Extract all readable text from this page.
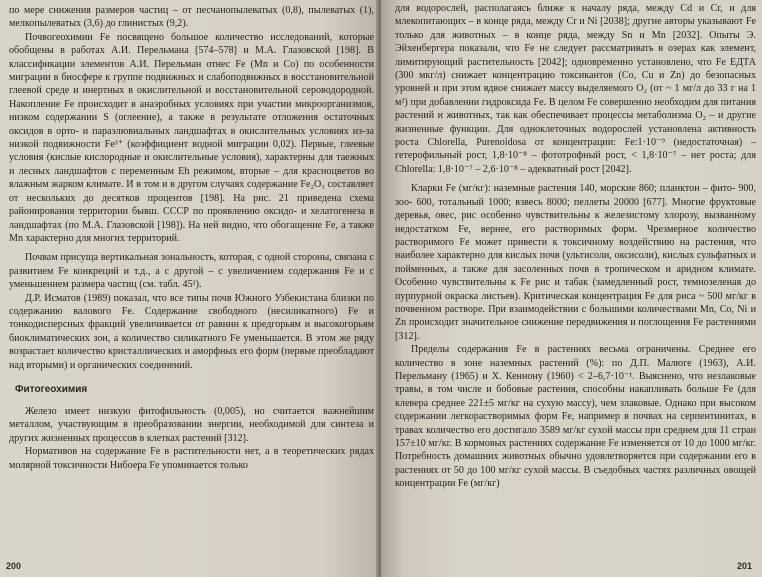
по мере снижения размеров частиц – от песчанопылеватых (0,8), пылеватых (1), мелкопылеватых (3,6) до глинистых (9,2).

Почвогеохимии Fe посвящено большое количество исследований, которые обобщены в работах А.И. Перельмана [574–578] и М.А. Глазовской [198]. В классификации элементов А.И. Перельман отнес Fe (Mn и Co) по особенности миграции в биосфере к группе подвижных и слабоподвижных в восстановительной глеевой среде и инертных в окислительной и восстановительной сероводородной. Накопление Fe происходит в анаэробных условиях при участии микроорганизмов, низком содержании S (оглеение), а также в результате отложения остаточных оксидов в орто- и параэлювиальных ландшафтах в окислительных условиях из-за низкой подвижности Fe³⁺ (коэффициент водной миграции 0,02). Первые, глеевые условия (кислые кислородные и окислительные условия), характерны для таежных и лесных ландшафтов с переменным Eh режимом, вторые – для красноцветов во влажным жарком климате. И в том и в другом случаях содержание Fe₂O₃ составляет от нескольких до десятков процентов [198]. На рис. 21 приведена схема районирования территории бывш. СССР по проявлению оксидо- и хелатогенеза в ландшафтах (по М.А. Глазовской [198]). На ней видно, что обогащение Fe, а также Mn характерно для многих территорий.

Почвам присуща вертикальная зональность, которая, с одной стороны, связана с развитием Fe конкреций и т.д., а с другой – с увеличением содержания Fe и с уменьшением размера частиц (см. табл. 45¹).

Д.Р. Исматов (1989) показал, что все типы почв Южного Узбекистана близки по содержанию валового Fe. Содержание свободного (несиликатного) Fe и тонкодисперсных фракций увеличивается от равнин к предгорьям и высокогорьям биоклиматических зон, а количество силикатного Fe уменьшается. В этом же ряду возрастает количество кристаллических и аморфных его форм (первые преобладают над вторыми) и органических соединений.

Фитогеохимия

Железо имеет низкую фитофильность (0,005), но считается важнейшим металлом, участвующим в преобразовании энергии, необходимой для синтеза и других жизненных процессов в клетках растений [312].

Нормативов на содержание Fe в растительности нет, а в теоретических рядах молярной токсичности Нибоера Fe упоминается только

200

для водорослей, располагаясь ближе к началу ряда, между Cd и Cr, и для млекопитающих – в конце ряда, между Cr и Ni [2038]; другие авторы указывают Fe только для животных – в конце ряда, между Sn и Mn [2032]. Опыты Э. Эйхенбергера показали, что Fe не следует рассматривать в озерах как элемент, лимитирующий растительность [2042]; одновременно установлено, что Fe ЕДТА (300 мкг/л) снижает концентрацию токсикантов (Co, Cu и Zn) до безопасных уровней и при этом вдвое снижает массу выделяемого O₂ (от ~ 1 мг/л до 33 г на 1 м²) при добавлении гидроксида Fe. В целом Fe совершенно необходим для питания растений и животных, так как обеспечивает процессы метаболизма O₂ – и другие жизненные функции. Для одноклеточных водорослей установлена активность роста Chlorella, Purenoidosa от концентрации: Fe:1·10⁻⁹ (недостаточная) – гетерофильный рост, 1,8·10⁻⁸ – фототрофный рост, < 1,8·10⁻⁷ – нет роста; для Chlorella: 1,8·10⁻⁷ – 2,6·10⁻⁸ – адекватный рост [2042].

Кларки Fe (мг/кг): наземные растения 140, морские 860; планктон – фито- 900, зоо- 600, тотальный 1000; взвесь 8000; пеллеты 20000 [677]. Многие фруктовые деревья, овес, рис особенно чувствительны к железистому хлорозу, вызванному недостатком Fe, вернее, его растворимых форм. Чрезмерное количество растворимого Fe может привести к токсичному воздействию на растения, что наиболее характерно для кислых почв (ультисоли, оксисоли), кислых сульфатных и пойменных, а также для засоленных почв в тропическом и аридном климате. Особенно чувствительны к Fe рис и табак (замедленный рост, темнозеленая до пурпурной окраска листьев). Критическая концентрация Fe для риса ~ 500 мг/кг в почвенном растворе. При взаимодействии с большими количествами Mn, Co, Ni и Zn происходит значительное снижение передвижения и поглощения Fe растениями [312].

Пределы содержания Fe в растениях весьма ограничены. Среднее его количество в зоне наземных растений (%): по Д.П. Малюге (1963), А.И. Перельману (1965) и Х. Кеннону (1960) < 2–6,7·10⁻¹. Выяснено, что незлаковые травы, в том числе и бобовые растения, способны накапливать больше Fe (для клевера среднее 221±5 мг/кг на сухую массу), чем злаковые. Однако при высоком содержании легкорастворимых форм Fe, например в почвах на серпентинитах, в травах количество его достигало 3589 мг/кг сухой массы при среднем для 11 стран 157±10 мг/кг. В кормовых растениях содержание Fe изменяется от 10 до 1000 мг/кг. Потребность домашних животных обычно удовлетворяется при содержании его в растениях от 50 до 100 мг/кг сухой массы. В съедобных частях различных овощей концентрации Fe (мг/кг)

201
